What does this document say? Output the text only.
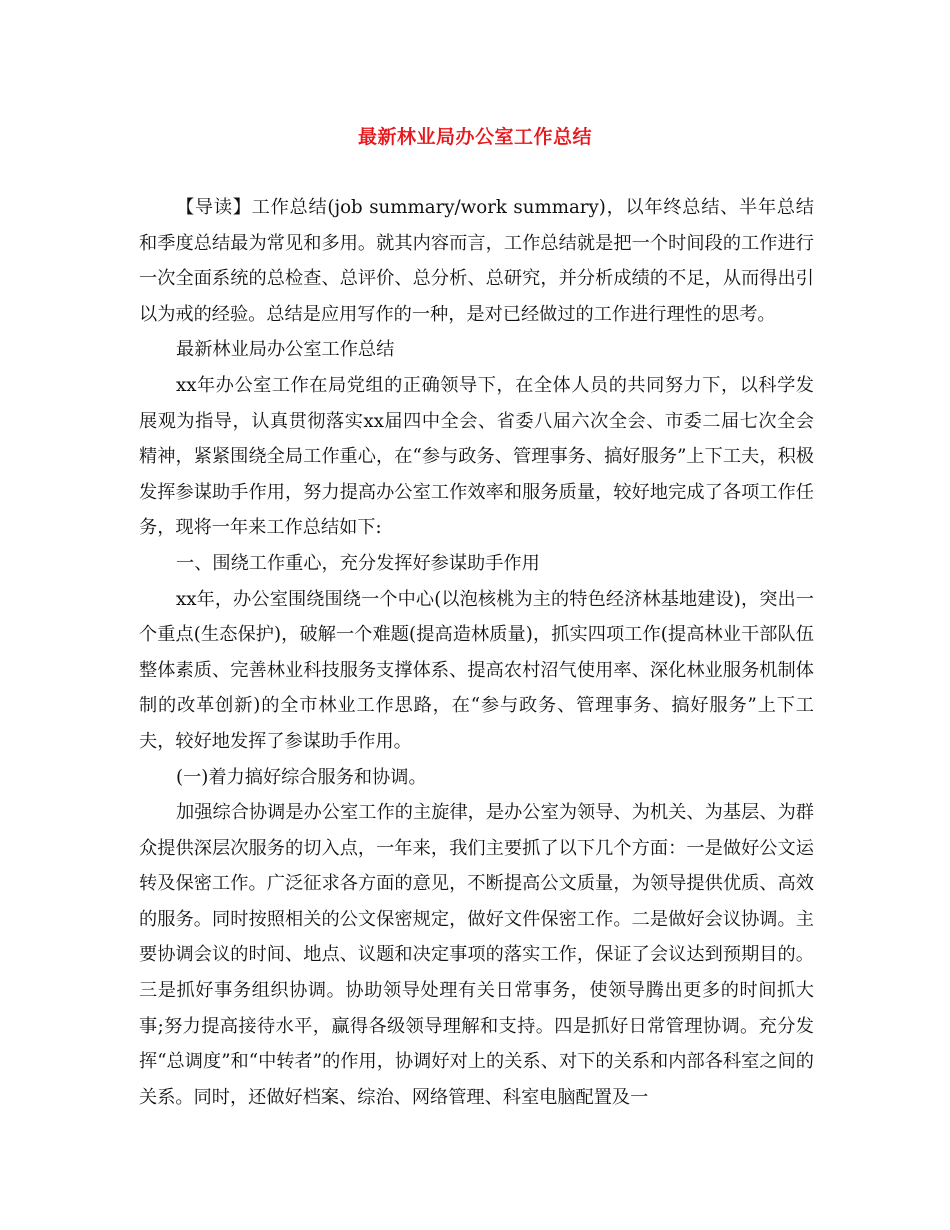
最新林业局办公室工作总结

【导读】工作总结(job summary/work summary)，以年终总结、半年总结和季度总结最为常见和多用。就其内容而言，工作总结就是把一个时间段的工作进行一次全面系统的总检查、总评价、总分析、总研究，并分析成绩的不足，从而得出引以为戒的经验。总结是应用写作的一种，是对已经做过的工作进行理性的思考。

最新林业局办公室工作总结

xx年办公室工作在局党组的正确领导下，在全体人员的共同努力下，以科学发展观为指导，认真贯彻落实xx届四中全会、省委八届六次全会、市委二届七次全会精神，紧紧围绕全局工作重心，在“参与政务、管理事务、搞好服务”上下工夫，积极发挥参谋助手作用，努力提高办公室工作效率和服务质量，较好地完成了各项工作任务，现将一年来工作总结如下:

一、围绕工作重心，充分发挥好参谋助手作用

xx年，办公室围绕围绕一个中心(以泡核桃为主的特色经济林基地建设)，突出一个重点(生态保护)，破解一个难题(提高造林质量)，抓实四项工作(提高林业干部队伍整体素质、完善林业科技服务支撑体系、提高农村沼气使用率、深化林业服务机制体制的改革创新)的全市林业工作思路，在“参与政务、管理事务、搞好服务”上下工夫，较好地发挥了参谋助手作用。

(一)着力搞好综合服务和协调。

加强综合协调是办公室工作的主旋律，是办公室为领导、为机关、为基层、为群众提供深层次服务的切入点，一年来，我们主要抓了以下几个方面：一是做好公文运转及保密工作。广泛征求各方面的意见，不断提高公文质量，为领导提供优质、高效的服务。同时按照相关的公文保密规定，做好文件保密工作。二是做好会议协调。主要协调会议的时间、地点、议题和决定事项的落实工作，保证了会议达到预期目的。三是抓好事务组织协调。协助领导处理有关日常事务，使领导腾出更多的时间抓大事;努力提高接待水平，赢得各级领导理解和支持。四是抓好日常管理协调。充分发挥“总调度”和“中转者”的作用，协调好对上的关系、对下的关系和内部各科室之间的关系。同时，还做好档案、综治、网络管理、科室电脑配置及一
